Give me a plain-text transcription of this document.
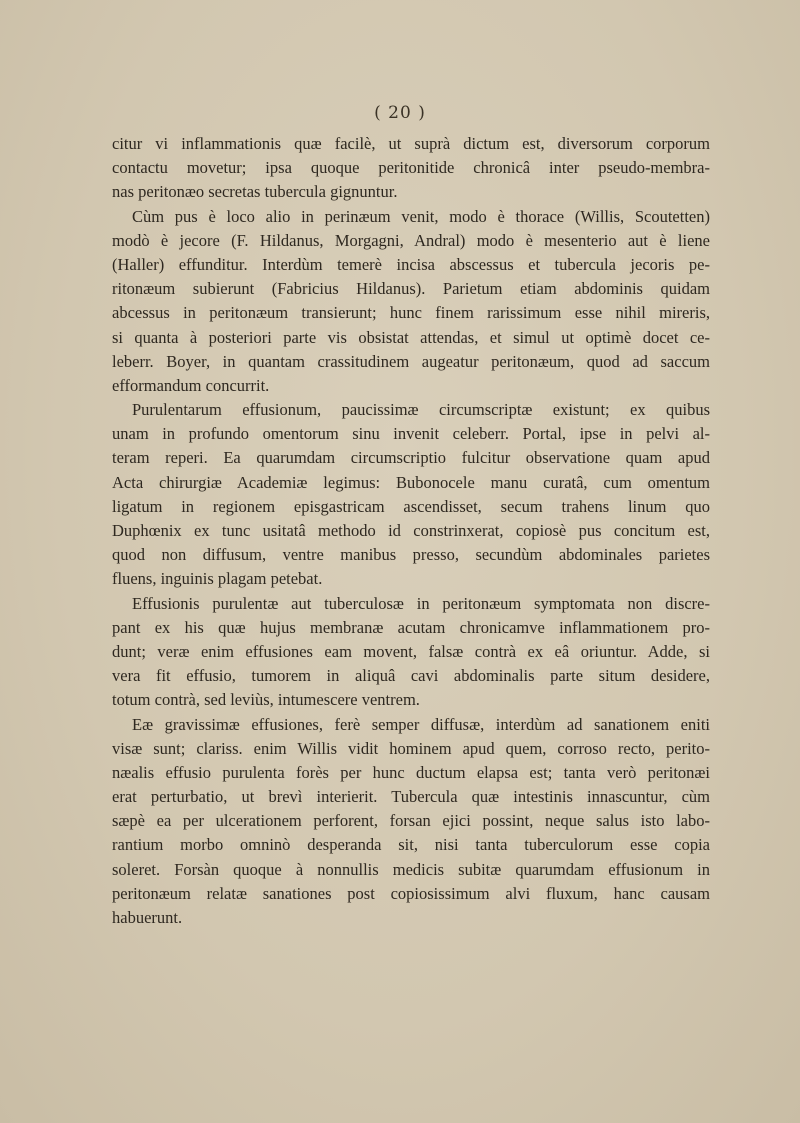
( 20 )
citur vi inflammationis quæ facilè, ut suprà dictum est, diversorum corporum
contactu movetur; ipsa quoque peritonitide chronicâ inter pseudo-membra-
nas peritonæo secretas tubercula gignuntur.
Cùm pus è loco alio in perinæum venit, modo è thorace (Willis, Scoutetten)
modò è jecore (F. Hildanus, Morgagni, Andral) modo è mesenterio aut è liene
(Haller) effunditur. Interdùm temerè incisa abscessus et tubercula jecoris pe-
ritonæum subierunt (Fabricius Hildanus). Parietum etiam abdominis quidam
abcessus in peritonæum transierunt; hunc finem rarissimum esse nihil mireris,
si quanta à posteriori parte vis obsistat attendas, et simul ut optimè docet ce-
leberr. Boyer, in quantam crassitudinem augeatur peritonæum, quod ad saccum
efformandum concurrit.
Purulentarum effusionum, paucissimæ circumscriptæ existunt; ex quibus
unam in profundo omentorum sinu invenit celeberr. Portal, ipse in pelvi al-
teram reperi. Ea quarumdam circumscriptio fulcitur observatione quam apud
Acta chirurgiæ Academiæ legimus: Bubonocele manu curatâ, cum omentum
ligatum in regionem episgastricam ascendisset, secum trahens linum quo
Duphœnix ex tunc usitatâ methodo id constrinxerat, copiosè pus concitum est,
quod non diffusum, ventre manibus presso, secundùm abdominales parietes
fluens, inguinis plagam petebat.
Effusionis purulentæ aut tuberculosæ in peritonæum symptomata non discre-
pant ex his quæ hujus membranæ acutam chronicamve inflammationem pro-
dunt; veræ enim effusiones eam movent, falsæ contrà ex eâ oriuntur. Adde, si
vera fit effusio, tumorem in aliquâ cavi abdominalis parte situm desidere,
totum contrà, sed leviùs, intumescere ventrem.
Eæ gravissimæ effusiones, ferè semper diffusæ, interdùm ad sanationem eniti
visæ sunt; clariss. enim Willis vidit hominem apud quem, corroso recto, perito-
næalis effusio purulenta forès per hunc ductum elapsa est; tanta verò peritonæi
erat perturbatio, ut brevì interierit. Tubercula quæ intestinis innascuntur, cùm
sæpè ea per ulcerationem perforent, forsan ejici possint, neque salus isto labo-
rantium morbo omninò desperanda sit, nisi tanta tuberculorum esse copia
soleret. Forsàn quoque à nonnullis medicis subitæ quarumdam effusionum in
peritonæum relatæ sanationes post copiosissimum alvi fluxum, hanc causam
habuerunt.
